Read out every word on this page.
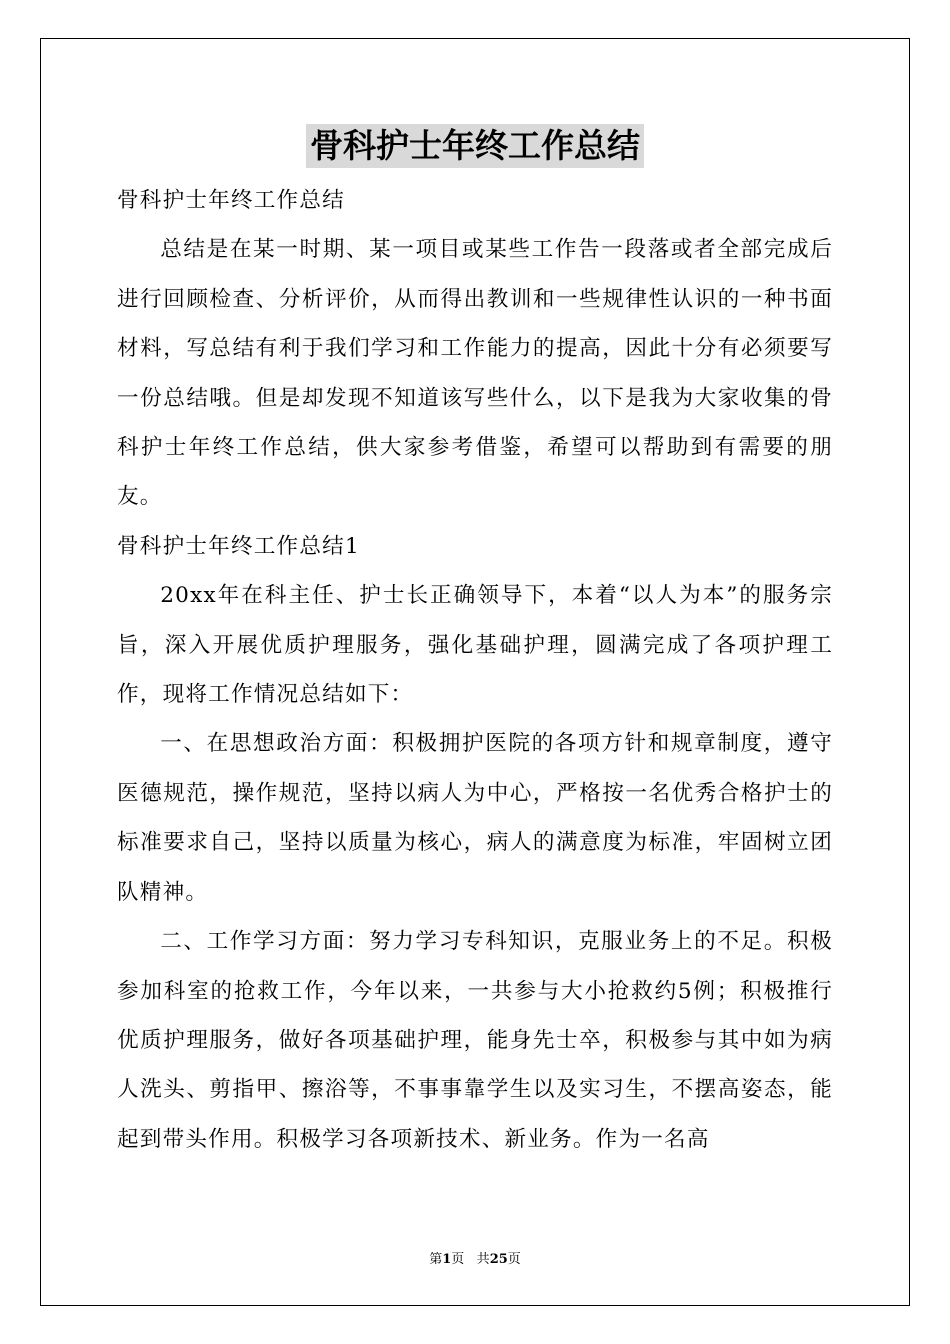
骨科护士年终工作总结

骨科护士年终工作总结

总结是在某一时期、某一项目或某些工作告一段落或者全部完成后进行回顾检查、分析评价，从而得出教训和一些规律性认识的一种书面材料，写总结有利于我们学习和工作能力的提高，因此十分有必须要写一份总结哦。但是却发现不知道该写些什么，以下是我为大家收集的骨科护士年终工作总结，供大家参考借鉴，希望可以帮助到有需要的朋友。

骨科护士年终工作总结1

20xx年在科主任、护士长正确领导下，本着“以人为本”的服务宗旨，深入开展优质护理服务，强化基础护理，圆满完成了各项护理工作，现将工作情况总结如下：

一、在思想政治方面：积极拥护医院的各项方针和规章制度，遵守医德规范，操作规范，坚持以病人为中心，严格按一名优秀合格护士的标准要求自己，坚持以质量为核心，病人的满意度为标准，牢固树立团队精神。

二、工作学习方面：努力学习专科知识，克服业务上的不足。积极参加科室的抢救工作，今年以来，一共参与大小抢救约5例；积极推行优质护理服务，做好各项基础护理，能身先士卒，积极参与其中如为病人洗头、剪指甲、擦浴等，不事事靠学生以及实习生，不摆高姿态，能起到带头作用。积极学习各项新技术、新业务。作为一名高

第1页 共25页
